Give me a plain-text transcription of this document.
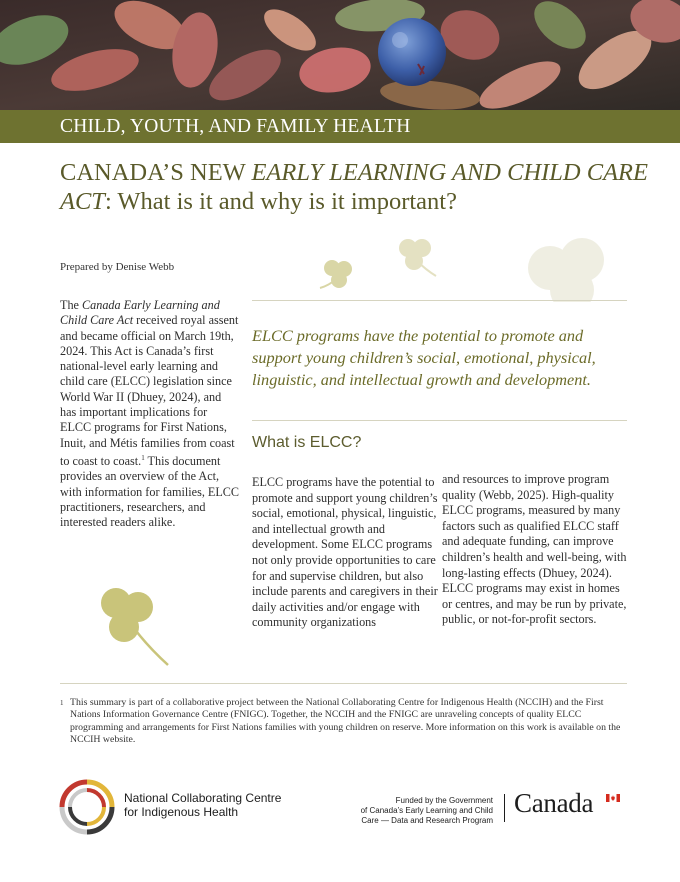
CHILD, YOUTH, AND FAMILY HEALTH
CANADA’S NEW EARLY LEARNING AND CHILD CARE ACT: What is it and why is it important?
Prepared by Denise Webb
The Canada Early Learning and Child Care Act received royal assent and became official on March 19th, 2024. This Act is Canada’s first national-level early learning and child care (ELCC) legislation since World War II (Dhuey, 2024), and has important implications for ELCC programs for First Nations, Inuit, and Métis families from coast to coast to coast.$^1$ This document provides an overview of the Act, with information for families, ELCC practitioners, researchers, and interested readers alike.
ELCC programs have the potential to promote and support young children’s social, emotional, physical, linguistic, and intellectual growth and development.
What is ELCC?
ELCC programs have the potential to promote and support young children’s social, emotional, physical, linguistic, and intellectual growth and development. Some ELCC programs not only provide opportunities to care for and supervise children, but also include parents and caregivers in their daily activities and/or engage with community organizations
and resources to improve program quality (Webb, 2025). High-quality ELCC programs, measured by many factors such as qualified ELCC staff and adequate funding, can improve children’s health and well-being, with long-lasting effects (Dhuey, 2024). ELCC programs may exist in homes or centres, and may be run by private, public, or not-for-profit sectors.
1 This summary is part of a collaborative project between the National Collaborating Centre for Indigenous Health (NCCIH) and the First Nations Information Governance Centre (FNIGC). Together, the NCCIH and the FNIGC are unraveling concepts of quality ELCC programming and arrangements for First Nations families with young children on reserve. More information on this work is available on the NCCIH website.
National Collaborating Centre
for Indigenous Health
Funded by the Government
of Canada’s Early Learning and Child
Care — Data and Research Program
Canada
